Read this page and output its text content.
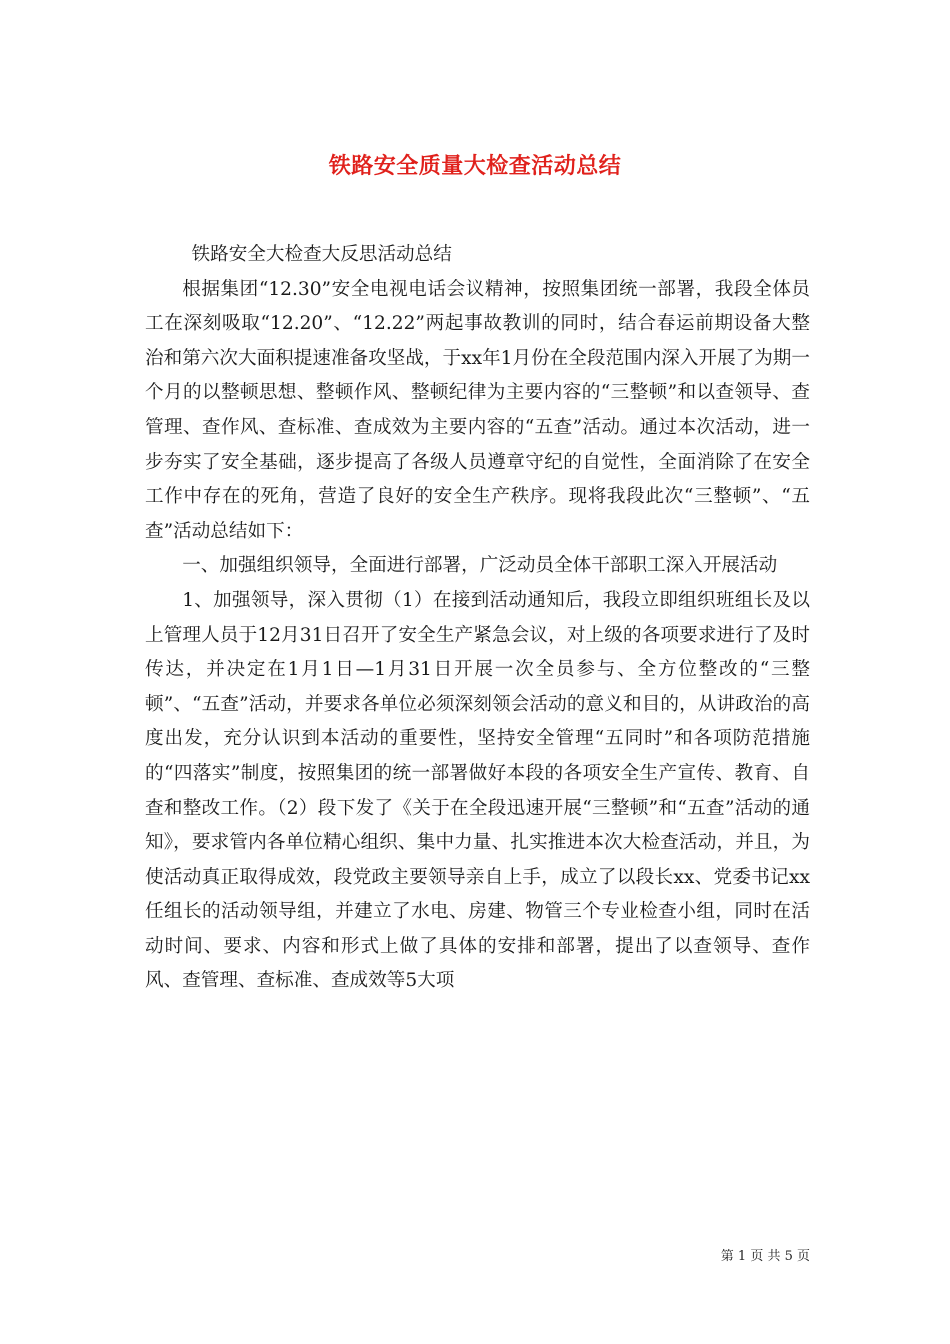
铁路安全质量大检查活动总结

铁路安全大检查大反思活动总结

根据集团“12.30”安全电视电话会议精神，按照集团统一部署，我段全体员工在深刻吸取“12.20”、“12.22”两起事故教训的同时，结合春运前期设备大整治和第六次大面积提速准备攻坚战，于xx年1月份在全段范围内深入开展了为期一个月的以整顿思想、整顿作风、整顿纪律为主要内容的“三整顿”和以查领导、查管理、查作风、查标准、查成效为主要内容的“五查”活动。通过本次活动，进一步夯实了安全基础，逐步提高了各级人员遵章守纪的自觉性，全面消除了在安全工作中存在的死角，营造了良好的安全生产秩序。现将我段此次“三整顿”、“五查”活动总结如下：

一、加强组织领导，全面进行部署，广泛动员全体干部职工深入开展活动

1、加强领导，深入贯彻（1）在接到活动通知后，我段立即组织班组长及以上管理人员于12月31日召开了安全生产紧急会议，对上级的各项要求进行了及时传达，并决定在1月1日—1月31日开展一次全员参与、全方位整改的“三整顿”、“五查”活动，并要求各单位必须深刻领会活动的意义和目的，从讲政治的高度出发，充分认识到本活动的重要性，坚持安全管理“五同时”和各项防范措施的“四落实”制度，按照集团的统一部署做好本段的各项安全生产宣传、教育、自查和整改工作。（2）段下发了《关于在全段迅速开展“三整顿”和“五查”活动的通知》，要求管内各单位精心组织、集中力量、扎实推进本次大检查活动，并且，为使活动真正取得成效，段党政主要领导亲自上手，成立了以段长xx、党委书记xx任组长的活动领导组，并建立了水电、房建、物管三个专业检查小组，同时在活动时间、要求、内容和形式上做了具体的安排和部署，提出了以查领导、查作风、查管理、查标准、查成效等5大项

第 1 页 共 5 页
